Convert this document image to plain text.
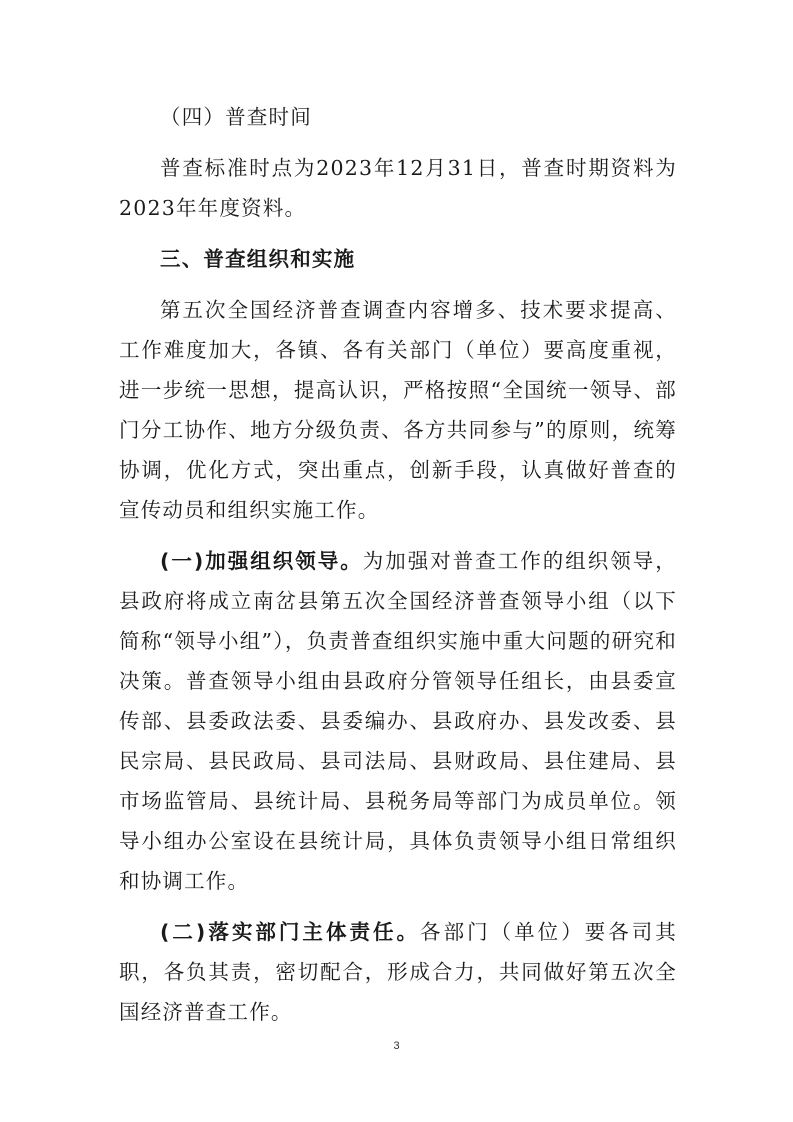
（四）普查时间

普查标准时点为2023年12月31日，普查时期资料为2023年年度资料。

三、普查组织和实施

第五次全国经济普查调查内容增多、技术要求提高、工作难度加大，各镇、各有关部门（单位）要高度重视，进一步统一思想，提高认识，严格按照“全国统一领导、部门分工协作、地方分级负责、各方共同参与”的原则，统筹协调，优化方式，突出重点，创新手段，认真做好普查的宣传动员和组织实施工作。

(一)加强组织领导。为加强对普查工作的组织领导，县政府将成立南岔县第五次全国经济普查领导小组（以下简称“领导小组”），负责普查组织实施中重大问题的研究和决策。普查领导小组由县政府分管领导任组长，由县委宣传部、县委政法委、县委编办、县政府办、县发改委、县民宗局、县民政局、县司法局、县财政局、县住建局、县市场监管局、县统计局、县税务局等部门为成员单位。领导小组办公室设在县统计局，具体负责领导小组日常组织和协调工作。

(二)落实部门主体责任。各部门（单位）要各司其职，各负其责，密切配合，形成合力，共同做好第五次全国经济普查工作。

3
